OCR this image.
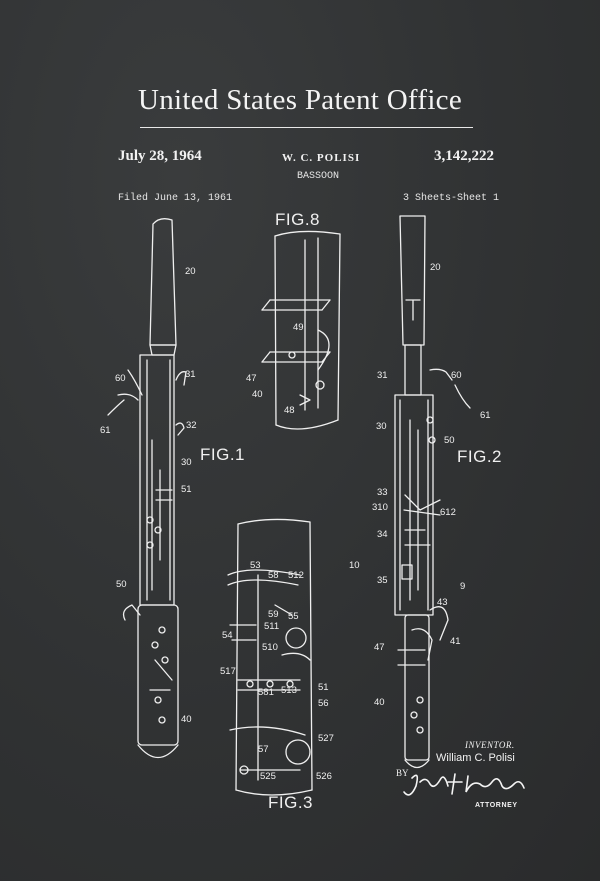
United States Patent Office
July 28, 1964	W. C. POLISI	3,142,222
BASSOON
Filed June 13, 1961	3 Sheets-Sheet 1
FIG.8
FIG.1	FIG.2
FIG.3
20
60	31
61	32
30
51
50
40
20
31	60
61
30
50
33
310	612
34
10
35
9
43
41
47
40
53
58 512
59 55
511
54
510
517
581 513 51
56
527
57
525	526
49
47
40
48
INVENTOR.
William C. Polisi
BY
ATTORNEY
